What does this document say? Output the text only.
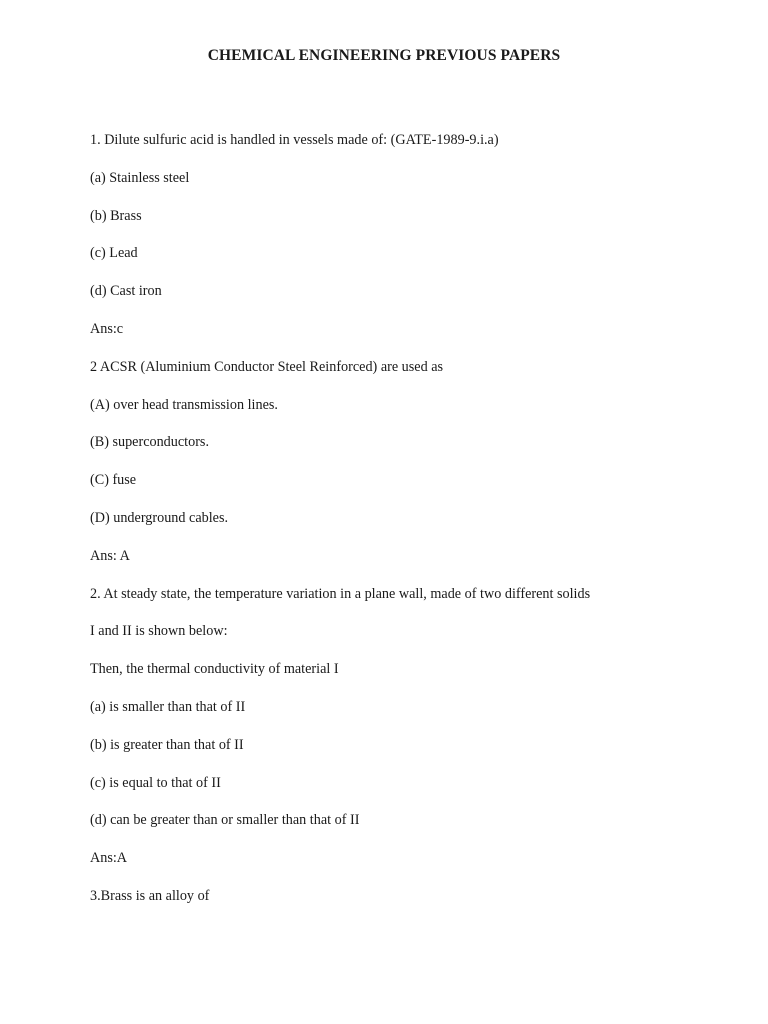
CHEMICAL ENGINEERING PREVIOUS PAPERS
1. Dilute sulfuric acid is handled in vessels made of: (GATE-1989-9.i.a)
(a) Stainless steel
(b) Brass
(c) Lead
(d) Cast iron
Ans:c
2 ACSR (Aluminium Conductor Steel Reinforced) are used as
(A) over head transmission lines.
(B) superconductors.
(C) fuse
(D) underground cables.
Ans: A
2. At steady state, the temperature variation in a plane wall, made of two different solids
I and II is shown below:
Then, the thermal conductivity of material I
(a) is smaller than that of II
(b) is greater than that of II
(c) is equal to that of II
(d) can be greater than or smaller than that of II
Ans:A
3.Brass is an alloy of
